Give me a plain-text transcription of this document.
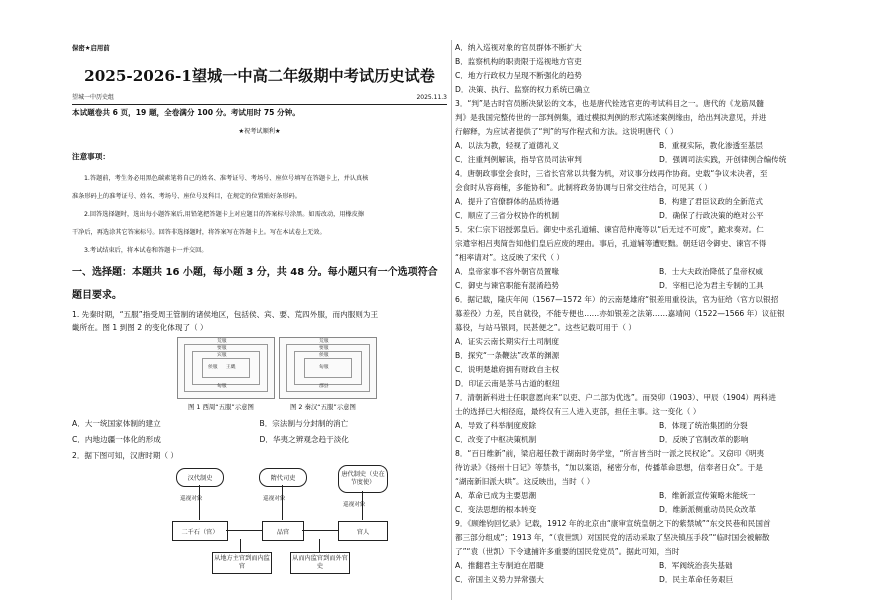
保密★启用前
2025-2026-1望城一中高二年级期中考试历史试卷
望城一中历史组	2025.11.3
本试题卷共 6 页，19 题，全卷满分 100 分。考试用时 75 分钟。
★祝考试顺利★
注意事项：
1.答题前，考生务必用黑色碳素笔将自己的姓名、准考证号、考场号、座位号填写在答题卡上，并认真核
准条形码上的准考证号、姓名、考场号、座位号及科目，在规定的位置贴好条形码。
2.回答选择题时，选出每小题答案后,用铅笔把答题卡上对应题目的答案标号涂黑。如需改动，用橡皮擦
干净后，再选涂其它答案标号。回答非选择题时，将答案写在答题卡上。写在本试卷上无效。
3.考试结束后，将本试卷和答题卡一并交回。
一、选择题：本题共 16 小题，每小题 3 分，共 48 分。每小题只有一个选项符合
题目要求。
1. 先秦时期，“五服”指受周王管制的诸侯地区，包括侯、宾、要、荒四外服，而内服则为王
畿所在。图 1 到图 2 的变化体现了（ ）
荒服
要服
宾服
侯服 王畿
甸服
图 1 西周“五服”示意图
荒服
要服
侯服
甸服
郡县
图 2 秦汉“五服”示意图
A．大一统国家体制的建立	B．宗法制与分封制的消亡
C．内地边疆一体化的形成	D．华夷之辨观念趋于淡化
2．据下图可知，汉唐时期（ ）
汉代制史	隋代司吏
唐代制史（史在节度使）
巡视对象	巡视对象
巡视对象
二千石（官）	品官	官人
从地方主官到而内监官
从而内监官到而外官史
A．纳入巡视对象的官员群体不断扩大
B．监察机构的职责限于巡视地方官吏
C．地方行政权力呈现不断强化的趋势
D．决策、执行、监察的权力系统已确立
3．“判”是古时官员断决狱讼的文本，也是唐代铨选官吏的考试科目之一。唐代的《龙筋凤髓
判》是我国完整传世的一部判例集，通过模拟判例的形式陈述案例缘由，给出判决意见，并进
行解释，为应试者提供了“判”的写作程式和方法。这说明唐代（ ）
A．以法为教，轻视了道德礼义	B．重视实际，教化渗透至基层
C．注重判例解读，指导官员司法审判	D．强调司法实践，开创律例合编传统
4．唐朝政事堂会食时，三省长官常以共餐为机，对议事分歧再作协商。史载“争议未决者，至
会食时从容商榷，多能协和”。此制将政务协调与日常交往结合，可见其（ ）
A．提升了官僚群体的品质待遇	B．构建了君臣议政的全新范式
C．顺应了三省分权协作的机制	D．确保了行政决策的绝对公平
5．宋仁宗下诏授郭皇后。御史中丞孔道辅、谏官范仲淹等以“后无过不可废”，跪求奏对。仁
宗遣宰相吕夷简告知他们皇后应废的理由。事后，孔道辅等遭贬黜。朝廷诏令御史、谏官不得
“相率请对”。这反映了宋代（ ）
A．皇帝家事不容外朝官员置喙	B．士大夫政治降低了皇帝权威
C．御史与谏官职能有混淆趋势	D．宰相已沦为君主专制的工具
6．据记载，隆庆年间（1567—1572 年）的云南楚雄府“银差用重役法，官为征给（官方以银招
募差役）力差，民自就役，不能专便也……亦如银差之法第……嘉靖间（1522—1566 年）议征银
募役，与站马银同，民甚便之”。这些记载可用于（ ）
A．证实云南长期实行土司制度
B．探究“一条鞭法”改革的渊源
C．说明楚雄府拥有财政自主权
D．印证云南是茶马古道的枢纽
7．清朝新科进士任职意愿向来“以吏、户二部为优选”。而癸卯（1903）、甲辰（1904）两科进
士的选择已大相径庭，最终仅有三人进入吏部，担任主事。这一变化（ ）
A．导致了科举制度废除	B．体现了统治集团的分裂
C．改变了中枢决策机制	D．反映了官制改革的影响
8．“百日维新”前，梁启超任教于湖南时务学堂，“所言皆当时一派之民权论”。又窃印《明夷
待访录》《扬州十日记》等禁书，“加以案语，秘密分布，传播革命思想，信奉者日众”。于是
“湖南新旧派大哄”。这反映出，当时（ ）
A．革命已成为主要思潮	B．维新派宣传策略未能统一
C．变法思想的根本转变	D．维新派侧重动员民众改革
9．《顾维钧回忆录》记载，1912 年的北京由“康审宣统皇朝之下的紫禁城”“东交民巷和民国首
都三部分组成”；1913 年，“（袁世凯）对国民党的活动采取了坚决镇压手段”“临时国会被解散
了”“袁（世凯）下令逮捕许多重要的国民党党员”。据此可知，当时
A．推翻君主专制迫在眉睫	B．军阀统治丧失基础
C．帝国主义势力异常强大	D．民主革命任务艰巨
